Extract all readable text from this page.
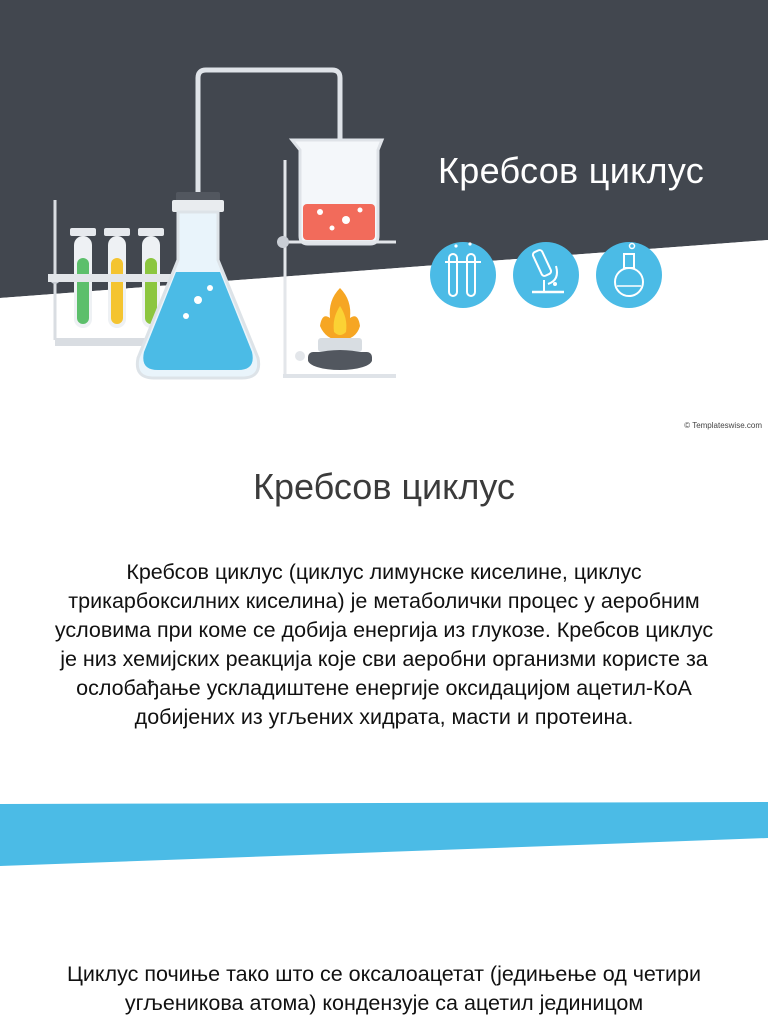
Кребсов циклус
© Templateswise.com
Кребсов циклус
Кребсов циклус (циклус лимунске киселине, циклус трикарбоксилних киселина) је метаболички процес у аеробним условима при коме се добија енергија из глукозе. Кребсов циклус је низ хемијских реакција које сви аеробни организми користе за ослобађање ускладиштене енергије оксидацијом ацетил-КоА добијених из угљених хидрата, масти и протеина.
Циклус почиње тако што се оксалоацетат (једињење од четири угљеникова атома) кондензује са ацетил јединицом
